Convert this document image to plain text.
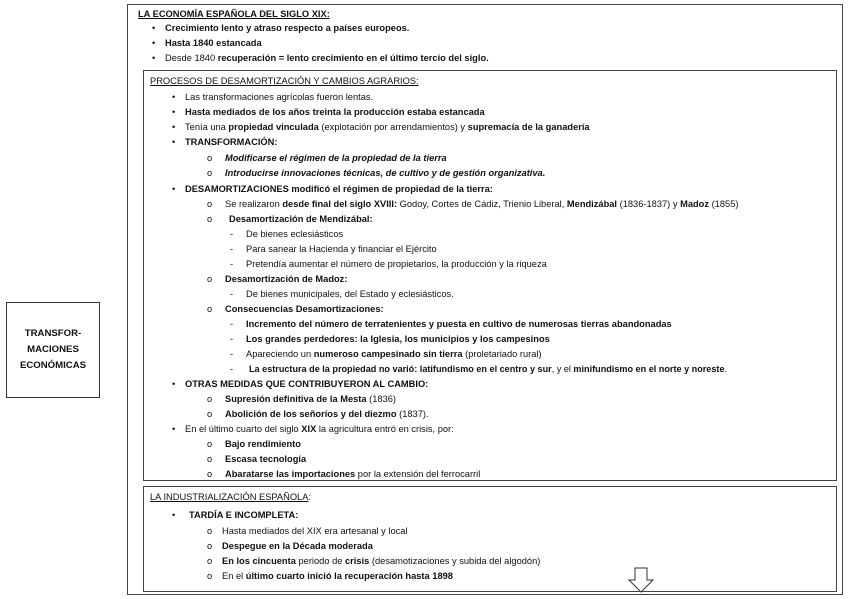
TRANSFOR-
MACIONES
ECONÓMICAS
LA ECONOMÍA ESPAÑOLA DEL SIGLO XIX:
• Crecimiento lento y atraso respecto a países europeos.
• Hasta 1840 estancada
• Desde 1840 recuperación = lento crecimiento en el último tercio del siglo.
PROCESOS DE DESAMORTIZACIÓN Y CAMBIOS AGRARIOS:
• Las transformaciones agrícolas fueron lentas.
• Hasta mediados de los años treinta la producción estaba estancada
• Tenía una propiedad vinculada (explotación por arrendamientos) y supremacía de la ganadería
• TRANSFORMACIÓN:
o Modificarse el régimen de la propiedad de la tierra
o Introducirse innovaciones técnicas, de cultivo y de gestión organizativa.
• DESAMORTIZACIONES modificó el régimen de propiedad de la tierra:
o Se realizaron desde final del siglo XVIII: Godoy, Cortes de Cádiz, Trienio Liberal, Mendizábal (1836-1837) y Madoz (1855)
o Desamortización de Mendizábal:
- De bienes eclesiásticos
- Para sanear la Hacienda y financiar el Ejército
- Pretendía aumentar el número de propietarios, la producción y la riqueza
o Desamortización de Madoz:
- De bienes municipales, del Estado y eclesiásticos.
o Consecuencias Desamortizaciones:
- Incremento del número de terratenientes y puesta en cultivo de numerosas tierras abandonadas
- Los grandes perdedores: la Iglesia, los municipios y los campesinos
- Apareciendo un numeroso campesinado sin tierra (proletariado rural)
- La estructura de la propiedad no varió: latifundismo en el centro y sur, y el minifundismo en el norte y noreste.
• OTRAS MEDIDAS QUE CONTRIBUYERON AL CAMBIO:
o Supresión definitiva de la Mesta (1836)
o Abolición de los señoríos y del diezmo (1837).
• En el último cuarto del siglo XIX la agricultura entró en crisis, por:
o Bajo rendimiento
o Escasa tecnología
o Abaratarse las importaciones por la extensión del ferrocarril
LA INDUSTRIALIZACIÓN ESPAÑOLA:
• TARDÍA E INCOMPLETA:
o Hasta mediados del XIX era artesanal y local
o Despegue en la Década moderada
o En los cincuenta periodo de crisis (desamotizaciones y subida del algodón)
o En el último cuarto inició la recuperación hasta 1898
